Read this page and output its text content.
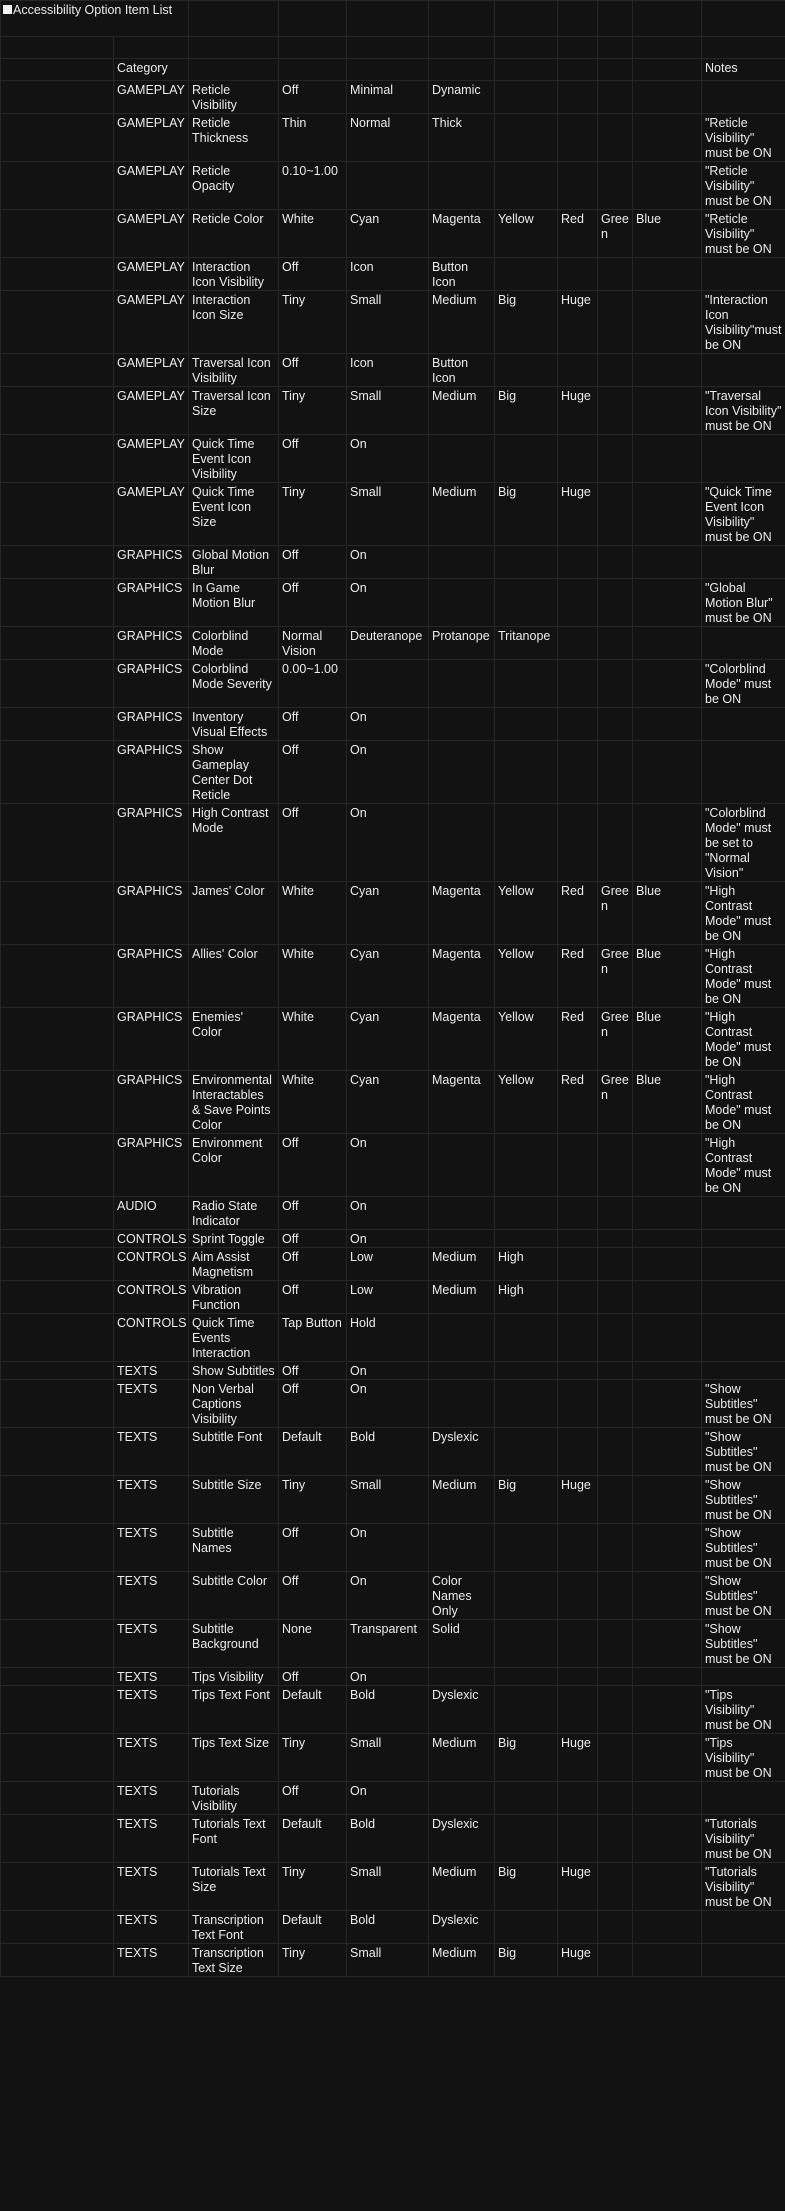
Accessibility Option Item List										

	Category									Notes
	GAMEPLAY	Reticle Visibility	Off	Minimal	Dynamic					
	GAMEPLAY	Reticle Thickness	Thin	Normal	Thick					"Reticle Visibility" must be ON
	GAMEPLAY	Reticle Opacity	0.10~1.00							"Reticle Visibility" must be ON
	GAMEPLAY	Reticle Color	White	Cyan	Magenta	Yellow	Red	Green	Blue	"Reticle Visibility" must be ON
	GAMEPLAY	Interaction Icon Visibility	Off	Icon	Button Icon					
	GAMEPLAY	Interaction Icon Size	Tiny	Small	Medium	Big	Huge			"Interaction Icon Visibility"must be ON
	GAMEPLAY	Traversal Icon Visibility	Off	Icon	Button Icon					
	GAMEPLAY	Traversal Icon Size	Tiny	Small	Medium	Big	Huge			"Traversal Icon Visibility" must be ON
	GAMEPLAY	Quick Time Event Icon Visibility	Off	On						
	GAMEPLAY	Quick Time Event Icon Size	Tiny	Small	Medium	Big	Huge			"Quick Time Event Icon Visibility" must be ON
	GRAPHICS	Global Motion Blur	Off	On						
	GRAPHICS	In Game Motion Blur	Off	On						"Global Motion Blur" must be ON
	GRAPHICS	Colorblind Mode	Normal Vision	Deuteranope	Protanope	Tritanope				
	GRAPHICS	Colorblind Mode Severity	0.00~1.00							"Colorblind Mode" must be ON
	GRAPHICS	Inventory Visual Effects	Off	On						
	GRAPHICS	Show Gameplay Center Dot Reticle	Off	On						
	GRAPHICS	High Contrast Mode	Off	On						"Colorblind Mode" must be set to "Normal Vision"
	GRAPHICS	James' Color	White	Cyan	Magenta	Yellow	Red	Green	Blue	"High Contrast Mode" must be ON
	GRAPHICS	Allies' Color	White	Cyan	Magenta	Yellow	Red	Green	Blue	"High Contrast Mode" must be ON
	GRAPHICS	Enemies' Color	White	Cyan	Magenta	Yellow	Red	Green	Blue	"High Contrast Mode" must be ON
	GRAPHICS	Environmental Interactables & Save Points Color	White	Cyan	Magenta	Yellow	Red	Green	Blue	"High Contrast Mode" must be ON
	GRAPHICS	Environment Color	Off	On						"High Contrast Mode" must be ON
	AUDIO	Radio State Indicator	Off	On						
	CONTROLS	Sprint Toggle	Off	On						
	CONTROLS	Aim Assist Magnetism	Off	Low	Medium	High				
	CONTROLS	Vibration Function	Off	Low	Medium	High				
	CONTROLS	Quick Time Events Interaction	Tap Button	Hold						
	TEXTS	Show Subtitles	Off	On						
	TEXTS	Non Verbal Captions Visibility	Off	On						"Show Subtitles" must be ON
	TEXTS	Subtitle Font	Default	Bold	Dyslexic					"Show Subtitles" must be ON
	TEXTS	Subtitle Size	Tiny	Small	Medium	Big	Huge			"Show Subtitles" must be ON
	TEXTS	Subtitle Names	Off	On						"Show Subtitles" must be ON
	TEXTS	Subtitle Color	Off	On	Color Names Only					"Show Subtitles" must be ON
	TEXTS	Subtitle Background	None	Transparent	Solid					"Show Subtitles" must be ON
	TEXTS	Tips Visibility	Off	On						
	TEXTS	Tips Text Font	Default	Bold	Dyslexic					"Tips Visibility" must be ON
	TEXTS	Tips Text Size	Tiny	Small	Medium	Big	Huge			"Tips Visibility" must be ON
	TEXTS	Tutorials Visibility	Off	On						
	TEXTS	Tutorials Text Font	Default	Bold	Dyslexic					"Tutorials Visibility" must be ON
	TEXTS	Tutorials Text Size	Tiny	Small	Medium	Big	Huge			"Tutorials Visibility" must be ON
	TEXTS	Transcription Text Font	Default	Bold	Dyslexic					
	TEXTS	Transcription Text Size	Tiny	Small	Medium	Big	Huge			
